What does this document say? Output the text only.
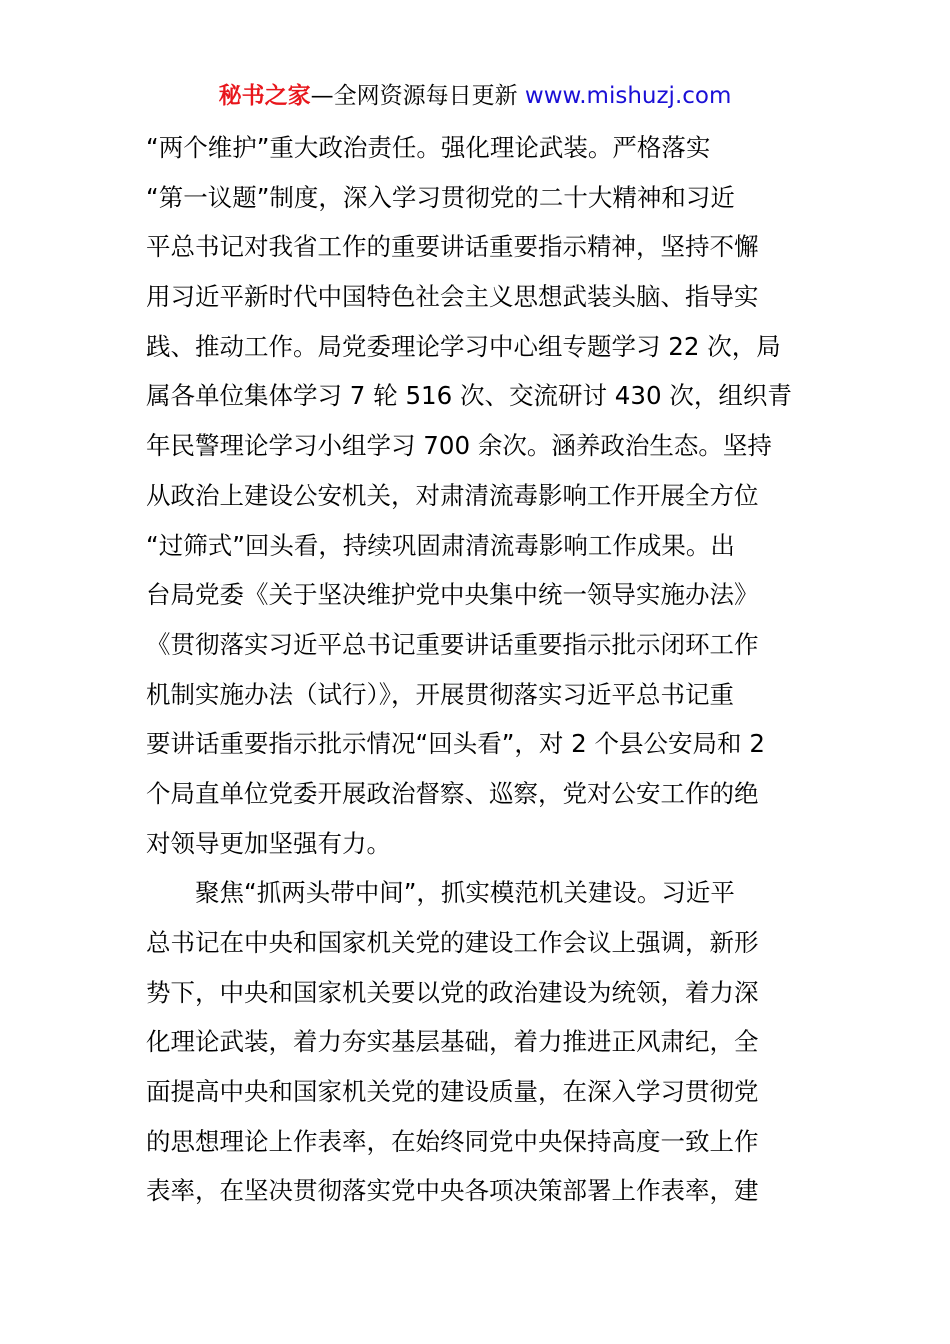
秘书之家—全网资源每日更新 www.mishuzj.com
“两个维护”重大政治责任。强化理论武装。严格落实
“第一议题”制度，深入学习贯彻党的二十大精神和习近
平总书记对我省工作的重要讲话重要指示精神，坚持不懈
用习近平新时代中国特色社会主义思想武装头脑、指导实
践、推动工作。局党委理论学习中心组专题学习 22 次，局
属各单位集体学习 7 轮 516 次、交流研讨 430 次，组织青
年民警理论学习小组学习 700 余次。涵养政治生态。坚持
从政治上建设公安机关，对肃清流毒影响工作开展全方位
“过筛式”回头看，持续巩固肃清流毒影响工作成果。出
台局党委《关于坚决维护党中央集中统一领导实施办法》
《贯彻落实习近平总书记重要讲话重要指示批示闭环工作
机制实施办法（试行）》，开展贯彻落实习近平总书记重
要讲话重要指示批示情况“回头看”，对 2 个县公安局和 2
个局直单位党委开展政治督察、巡察，党对公安工作的绝
对领导更加坚强有力。
聚焦“抓两头带中间”，抓实模范机关建设。习近平
总书记在中央和国家机关党的建设工作会议上强调，新形
势下，中央和国家机关要以党的政治建设为统领，着力深
化理论武装，着力夯实基层基础，着力推进正风肃纪，全
面提高中央和国家机关党的建设质量，在深入学习贯彻党
的思想理论上作表率，在始终同党中央保持高度一致上作
表率，在坚决贯彻落实党中央各项决策部署上作表率，建
